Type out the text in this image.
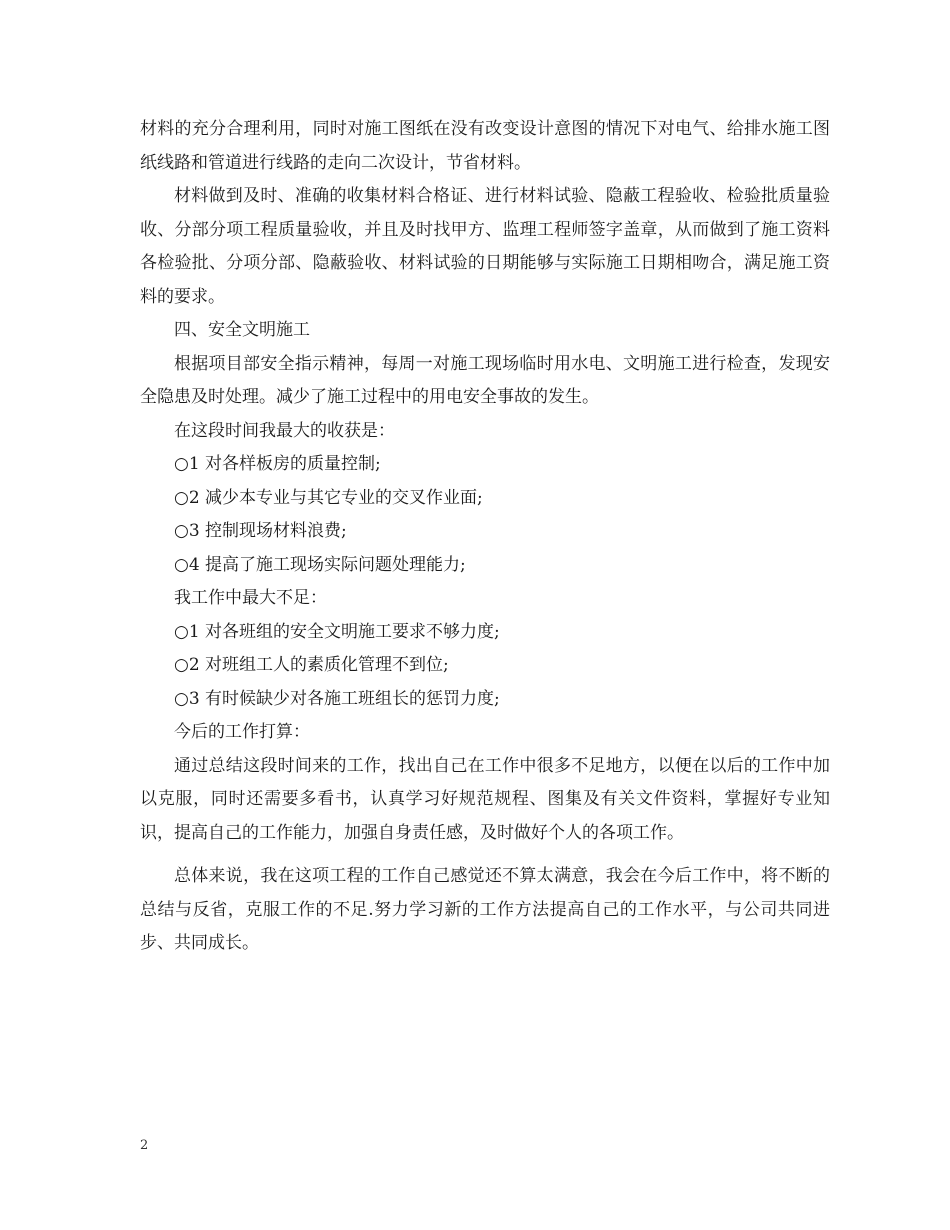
材料的充分合理利用，同时对施工图纸在没有改变设计意图的情况下对电气、给排水施工图纸线路和管道进行线路的走向二次设计，节省材料。

材料做到及时、准确的收集材料合格证、进行材料试验、隐蔽工程验收、检验批质量验收、分部分项工程质量验收，并且及时找甲方、监理工程师签字盖章，从而做到了施工资料各检验批、分项分部、隐蔽验收、材料试验的日期能够与实际施工日期相吻合，满足施工资料的要求。

四、安全文明施工

根据项目部安全指示精神，每周一对施工现场临时用水电、文明施工进行检查，发现安全隐患及时处理。减少了施工过程中的用电安全事故的发生。

在这段时间我最大的收获是：

○1 对各样板房的质量控制;

○2 减少本专业与其它专业的交叉作业面;

○3 控制现场材料浪费;

○4 提高了施工现场实际问题处理能力;

我工作中最大不足：

○1 对各班组的安全文明施工要求不够力度;

○2 对班组工人的素质化管理不到位;

○3 有时候缺少对各施工班组长的惩罚力度;

今后的工作打算：

通过总结这段时间来的工作，找出自己在工作中很多不足地方，以便在以后的工作中加以克服，同时还需要多看书，认真学习好规范规程、图集及有关文件资料，掌握好专业知识，提高自己的工作能力，加强自身责任感，及时做好个人的各项工作。

总体来说，我在这项工程的工作自己感觉还不算太满意，我会在今后工作中，将不断的总结与反省，克服工作的不足.努力学习新的工作方法提高自己的工作水平，与公司共同进步、共同成长。

2
